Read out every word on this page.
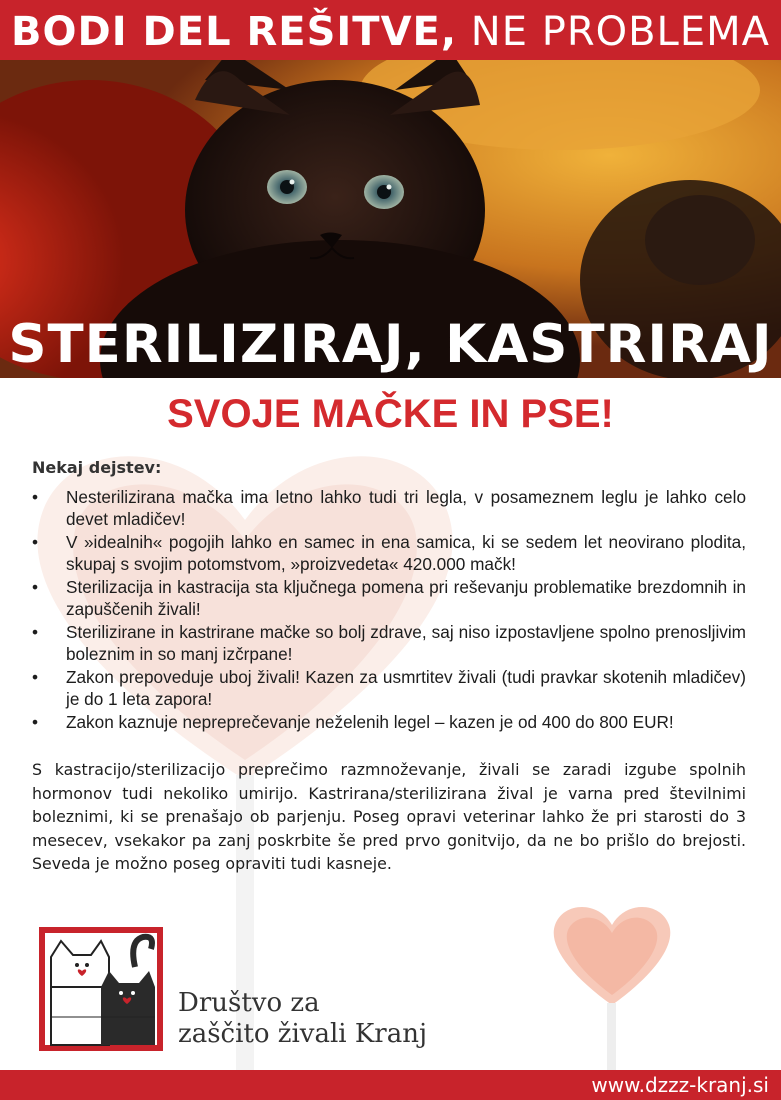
BODI DEL REŠITVE, NE PROBLEMA
STERILIZIRAJ, KASTRIRAJ
SVOJE MAČKE IN PSE!
Nekaj dejstev:
• Nesterilizirana mačka ima letno lahko tudi tri legla, v posameznem leglu je lahko celo devet mladičev!
• V »idealnih« pogojih lahko en samec in ena samica, ki se sedem let neovirano plodita, skupaj s svojim potomstvom, »proizvedeta« 420.000 mačk!
• Sterilizacija in kastracija sta ključnega pomena pri reševanju problematike brezdomnih in zapuščenih živali!
• Sterilizirane in kastrirane mačke so bolj zdrave, saj niso izpostavljene spolno prenosljivim boleznim in so manj izčrpane!
• Zakon prepoveduje uboj živali! Kazen za usmrtitev živali (tudi pravkar skotenih mladičev) je do 1 leta zapora!
• Zakon kaznuje nepreprečevanje neželenih legel – kazen je od 400 do 800 EUR!

S kastracijo/sterilizacijo preprečimo razmnoževanje, živali se zaradi izgube spolnih hormonov tudi nekoliko umirijo. Kastrirana/sterilizirana žival je varna pred številnimi boleznimi, ki se prenašajo ob parjenju. Poseg opravi veterinar lahko že pri starosti do 3 mesecev, vsekakor pa zanj poskrbite še pred prvo gonitvijo, da ne bo prišlo do brejosti. Seveda je možno poseg opraviti tudi kasneje.

Društvo za
zaščito živali Kranj
www.dzzz-kranj.si
